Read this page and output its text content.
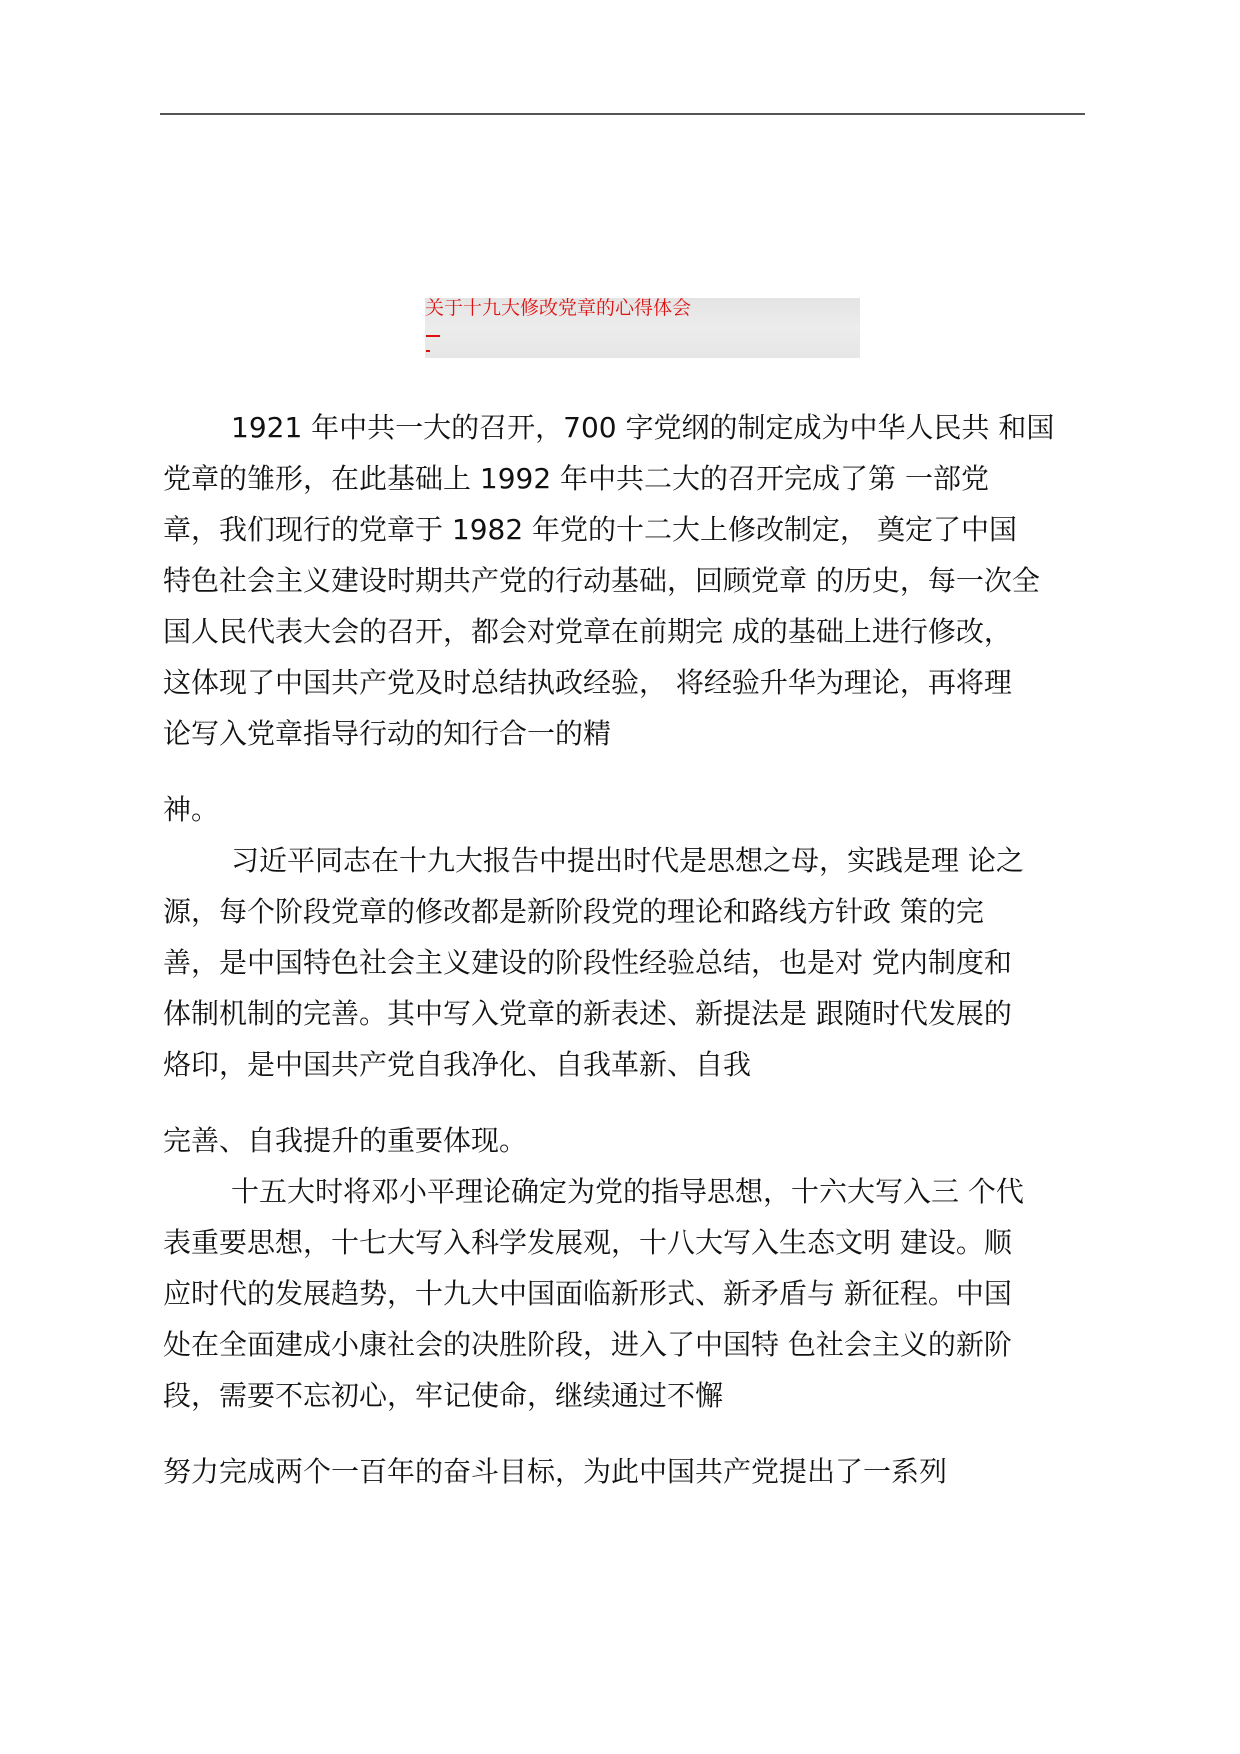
关于十九大修改党章的心得体会
1921 年中共一大的召开，700 字党纲的制定成为中华人民共 和国
党章的雏形，在此基础上 1992 年中共二大的召开完成了第 一部党
章，我们现行的党章于 1982 年党的十二大上修改制定， 奠定了中国
特色社会主义建设时期共产党的行动基础，回顾党章 的历史，每一次全
国人民代表大会的召开，都会对党章在前期完 成的基础上进行修改，
这体现了中国共产党及时总结执政经验， 将经验升华为理论，再将理
论写入党章指导行动的知行合一的精
神。
习近平同志在十九大报告中提出时代是思想之母，实践是理 论之
源，每个阶段党章的修改都是新阶段党的理论和路线方针政 策的完
善，是中国特色社会主义建设的阶段性经验总结，也是对 党内制度和
体制机制的完善。其中写入党章的新表述、新提法是 跟随时代发展的
烙印，是中国共产党自我净化、自我革新、自我
完善、自我提升的重要体现。
十五大时将邓小平理论确定为党的指导思想，十六大写入三 个代
表重要思想，十七大写入科学发展观，十八大写入生态文明 建设。顺
应时代的发展趋势，十九大中国面临新形式、新矛盾与 新征程。中国
处在全面建成小康社会的决胜阶段，进入了中国特 色社会主义的新阶
段，需要不忘初心，牢记使命，继续通过不懈
努力完成两个一百年的奋斗目标，为此中国共产党提出了一系列
